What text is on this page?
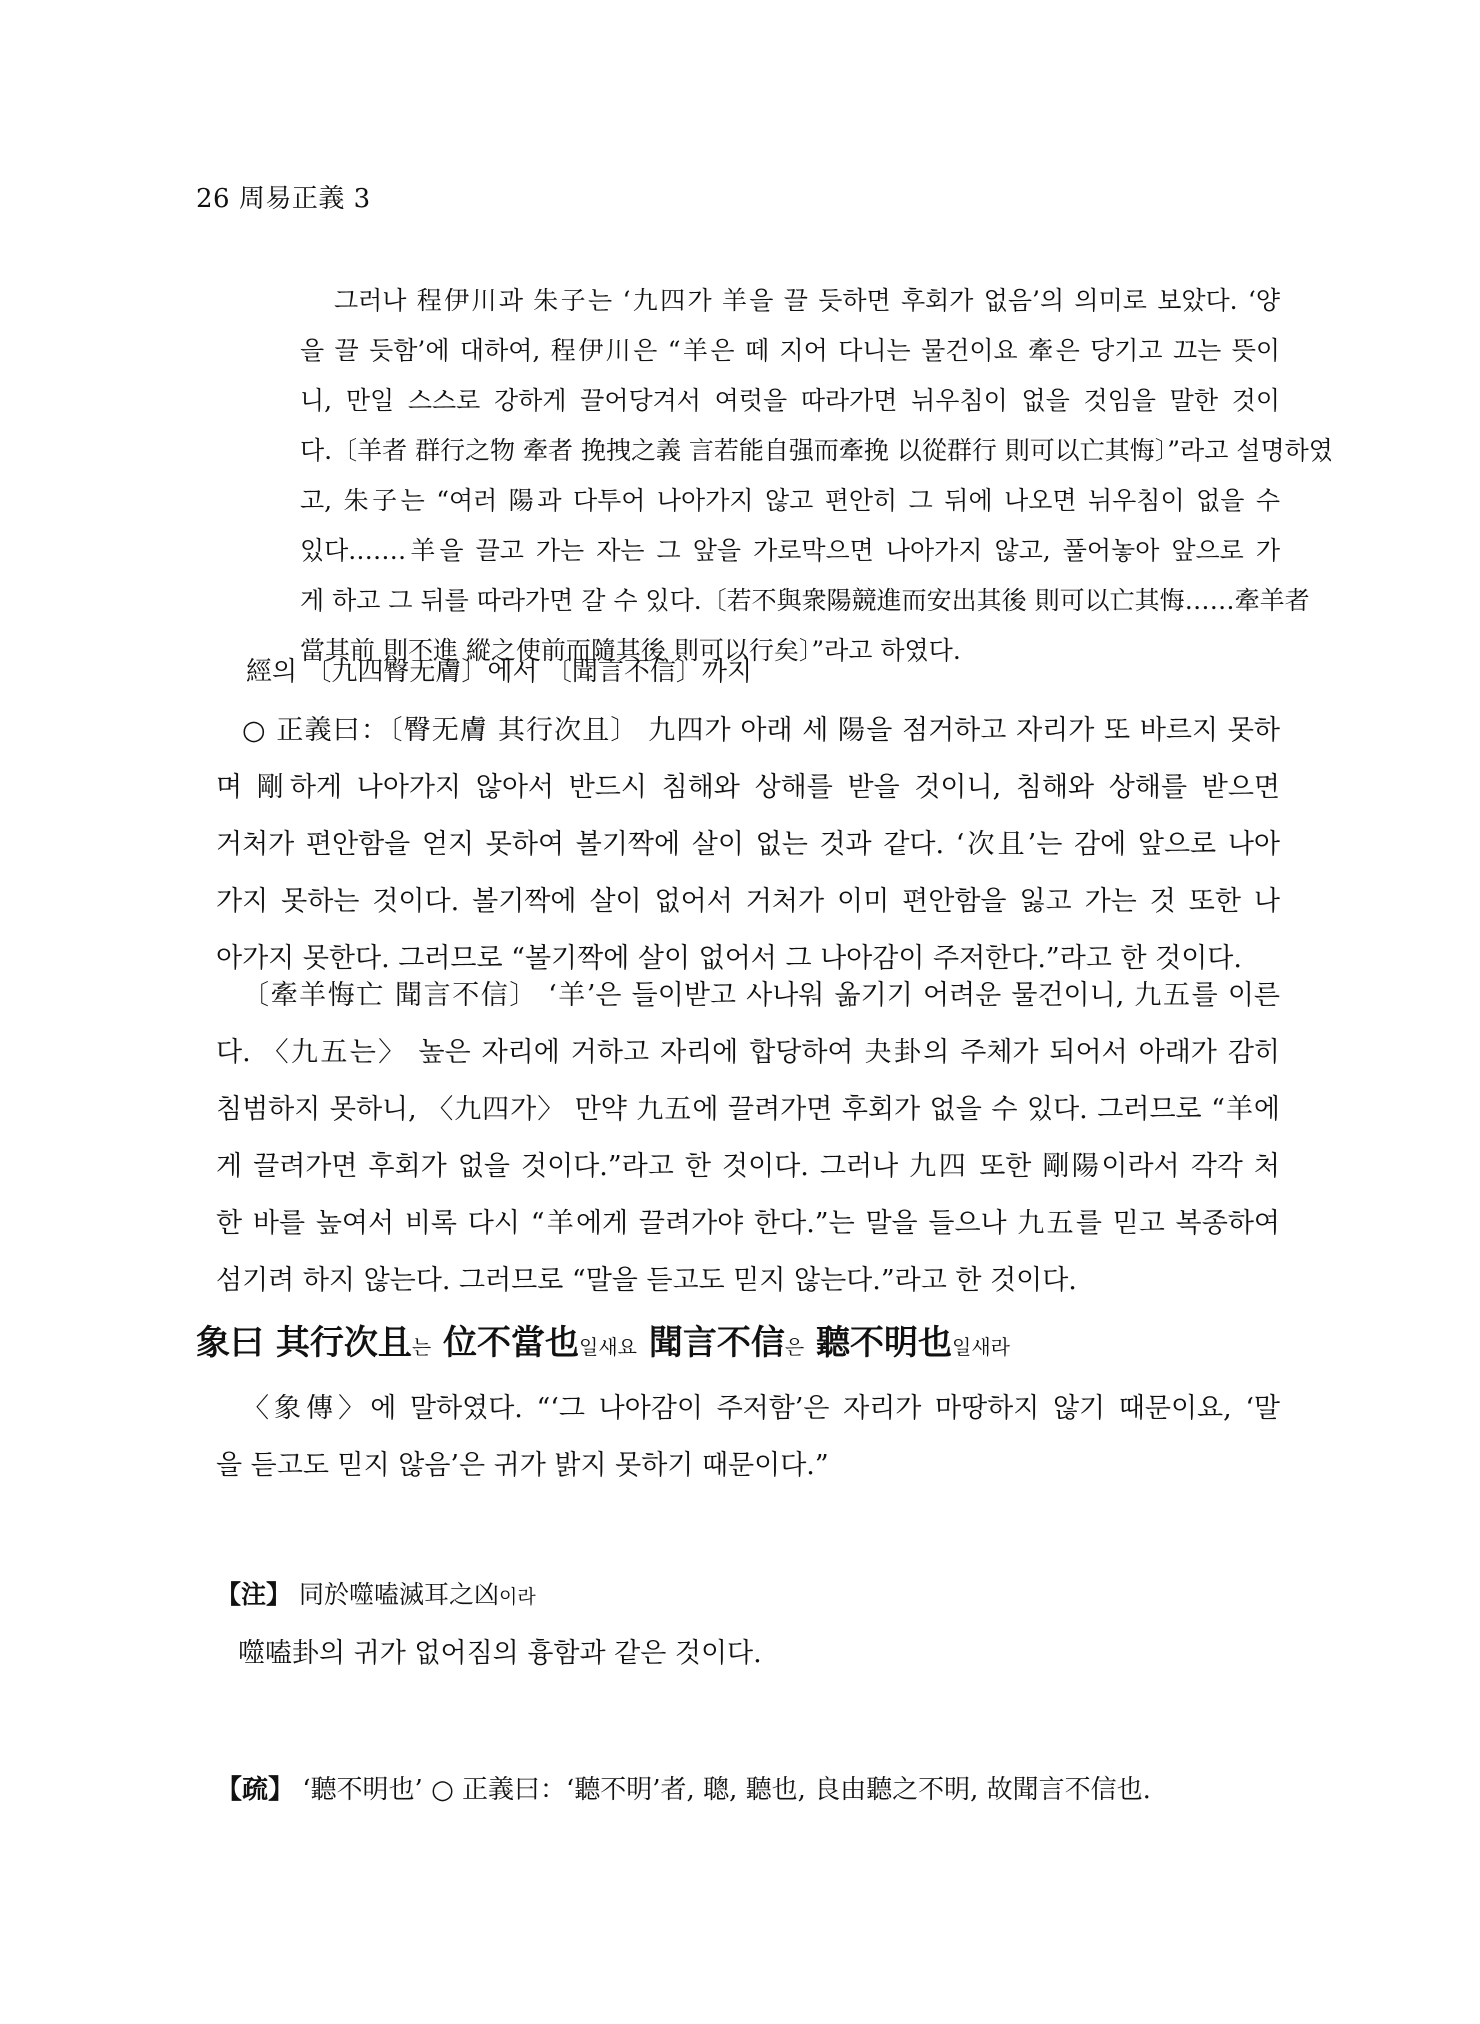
26 周易正義 3
그러나 程伊川과 朱子는 ‘九四가 羊을 끌 듯하면 후회가 없음’의 의미로 보았다. ‘양
을 끌 듯함’에 대하여, 程伊川은 “羊은 떼 지어 다니는 물건이요 牽은 당기고 끄는 뜻이
니, 만일 스스로 강하게 끌어당겨서 여럿을 따라가면 뉘우침이 없을 것임을 말한 것이
다.〔羊者 群行之物 牽者 挽拽之義 言若能自强而牽挽 以從群行 則可以亡其悔〕”라고 설명하였
고, 朱子는 “여러 陽과 다투어 나아가지 않고 편안히 그 뒤에 나오면 뉘우침이 없을 수
있다.……羊을 끌고 가는 자는 그 앞을 가로막으면 나아가지 않고, 풀어놓아 앞으로 가
게 하고 그 뒤를 따라가면 갈 수 있다.〔若不與衆陽競進而安出其後 則可以亡其悔……牽羊者
當其前 則不進 縱之使前而隨其後 則可以行矣〕”라고 하였다.
經의 〔九四臀无膚〕에서 〔聞言不信〕까지
○ 正義曰：〔臀无膚 其行次且〕 九四가 아래 세 陽을 점거하고 자리가 또 바르지 못하
며 剛하게 나아가지 않아서 반드시 침해와 상해를 받을 것이니, 침해와 상해를 받으면
거처가 편안함을 얻지 못하여 볼기짝에 살이 없는 것과 같다. ‘次且’는 감에 앞으로 나아
가지 못하는 것이다. 볼기짝에 살이 없어서 거처가 이미 편안함을 잃고 가는 것 또한 나
아가지 못한다. 그러므로 “볼기짝에 살이 없어서 그 나아감이 주저한다.”라고 한 것이다.
〔牽羊悔亡 聞言不信〕 ‘羊’은 들이받고 사나워 옮기기 어려운 물건이니, 九五를 이른
다. 〈九五는〉 높은 자리에 거하고 자리에 합당하여 夬卦의 주체가 되어서 아래가 감히
침범하지 못하니, 〈九四가〉 만약 九五에 끌려가면 후회가 없을 수 있다. 그러므로 “羊에
게 끌려가면 후회가 없을 것이다.”라고 한 것이다. 그러나 九四 또한 剛陽이라서 각각 처
한 바를 높여서 비록 다시 “羊에게 끌려가야 한다.”는 말을 들으나 九五를 믿고 복종하여
섬기려 하지 않는다. 그러므로 “말을 듣고도 믿지 않는다.”라고 한 것이다.
象曰 其行次且는 位不當也일새요 聞言不信은 聽不明也일새라
〈象傳〉에 말하였다. “‘그 나아감이 주저함’은 자리가 마땅하지 않기 때문이요, ‘말
을 듣고도 믿지 않음’은 귀가 밝지 못하기 때문이다.”
【注】 同於噬嗑滅耳之凶이라
噬嗑卦의 귀가 없어짐의 흉함과 같은 것이다.
【疏】 ‘聽不明也’ ○ 正義曰：‘聽不明’者, 聰, 聽也, 良由聽之不明, 故聞言不信也.
